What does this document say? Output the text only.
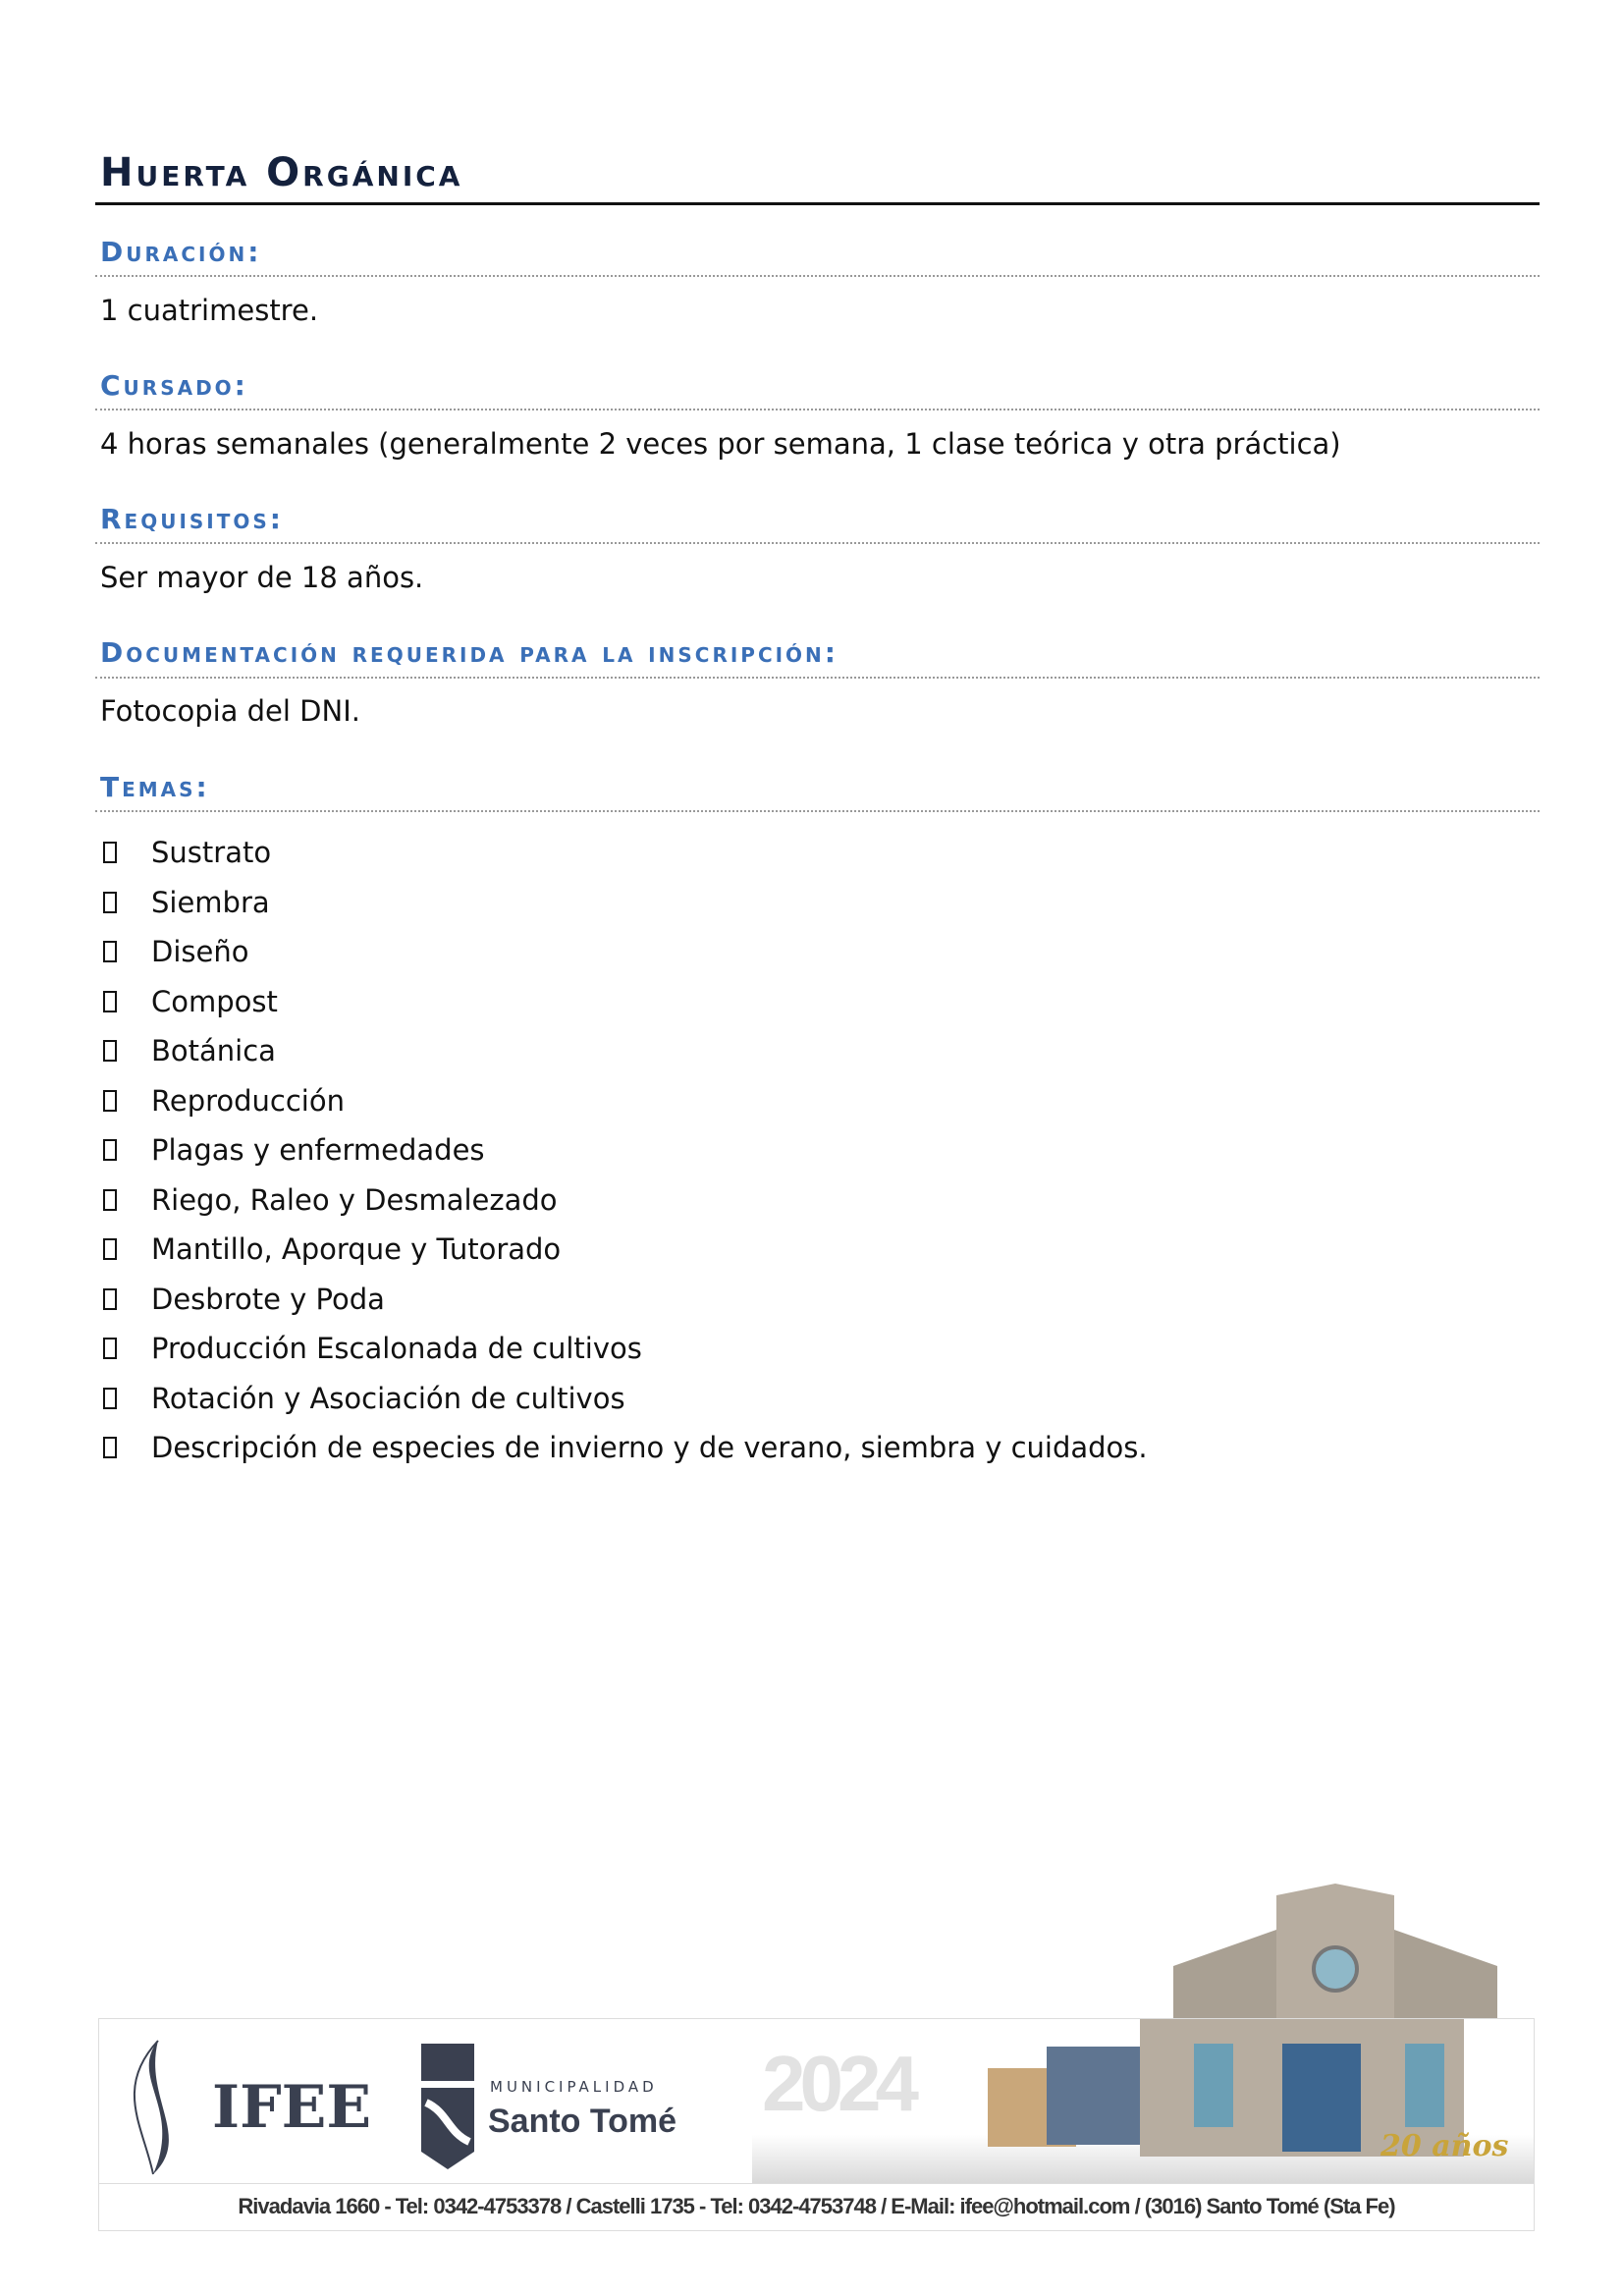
Huerta Orgánica
Duración:
1 cuatrimestre.
Cursado:
4 horas semanales (generalmente 2 veces por semana, 1 clase teórica y otra práctica)
Requisitos:
Ser mayor de 18 años.
Documentación requerida para la inscripción:
Fotocopia del DNI.
Temas:
Sustrato
Siembra
Diseño
Compost
Botánica
Reproducción
Plagas y enfermedades
Riego, Raleo y Desmalezado
Mantillo, Aporque y Tutorado
Desbrote y Poda
Producción Escalonada de cultivos
Rotación y Asociación de cultivos
Descripción de especies de invierno y de verano, siembra y cuidados.
IFEE	MUNICIPALIDAD
Santo Tomé 2024
20 años
Rivadavia 1660 - Tel: 0342-4753378 / Castelli 1735 - Tel: 0342-4753748 / E-Mail: ifee@hotmail.com / (3016) Santo Tomé (Sta Fe)
